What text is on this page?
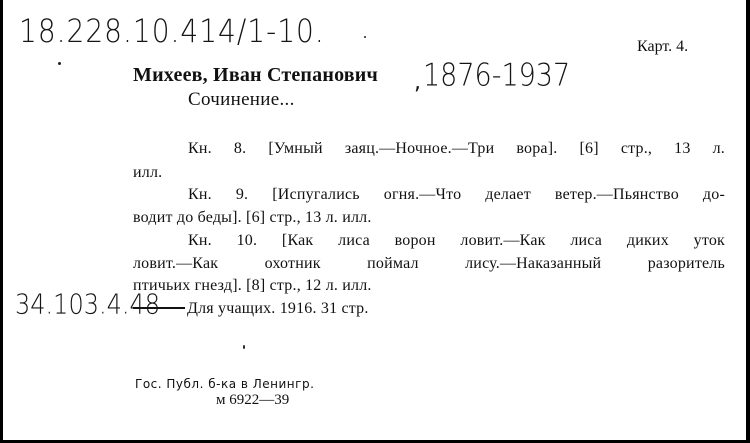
18.228.10.414/1-10.	Карт. 4.
Михеев, Иван Степанович , 1876-1937
Сочинение...
Кн. 8. [Умный заяц.—Ночное.—Три вора]. [6] стр., 13 л.
илл.
Кн. 9. [Испугались огня.—Что делает ветер.—Пьянство до-
водит до беды]. [6] стр., 13 л. илл.
Кн. 10. [Как лиса ворон ловит.—Как лиса диких уток
ловит.—Как охотник поймал лису.—Наказанный разоритель
птичьих гнезд]. [8] стр., 12 л. илл.
Для учащих. 1916. 31 стр.
34.103.4.48
Гос. Публ. б-ка в Ленингр.
м 6922—39
